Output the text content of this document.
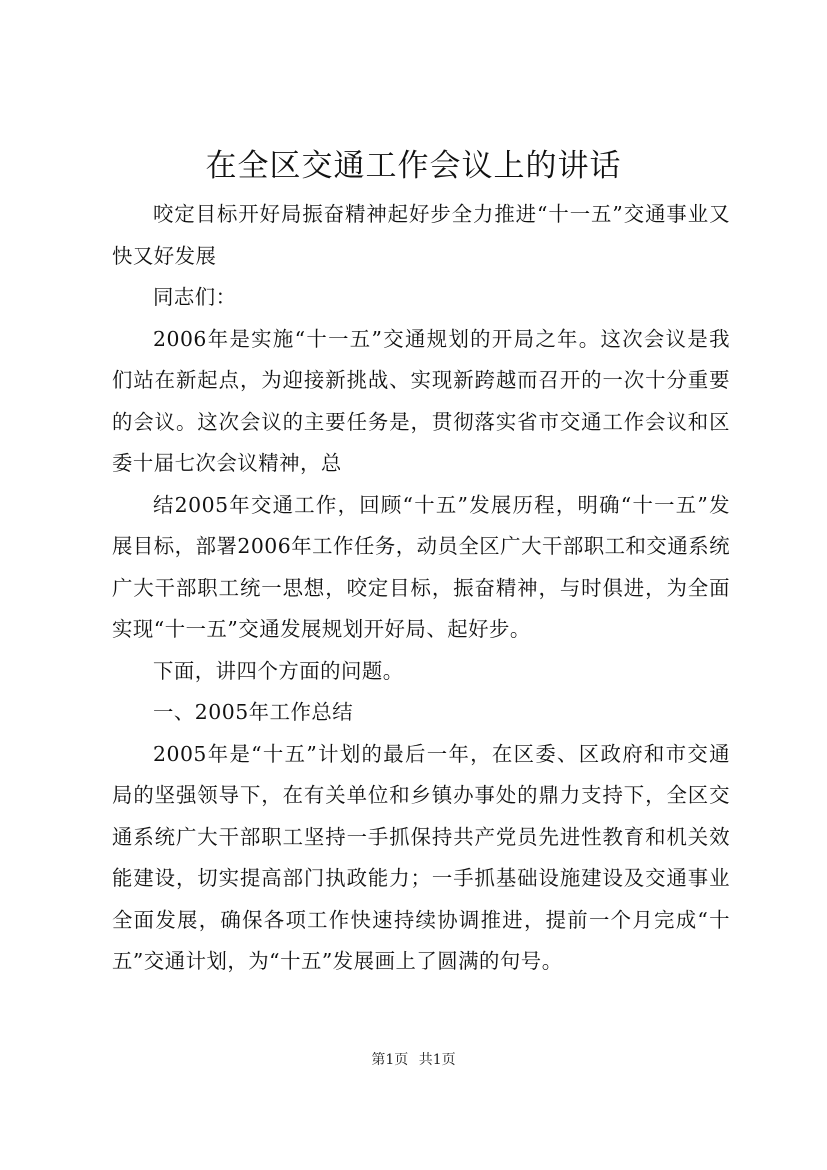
在全区交通工作会议上的讲话

咬定目标开好局振奋精神起好步全力推进“十一五”交通事业又快又好发展

同志们：

2006年是实施“十一五”交通规划的开局之年。这次会议是我们站在新起点，为迎接新挑战、实现新跨越而召开的一次十分重要的会议。这次会议的主要任务是，贯彻落实省市交通工作会议和区委十届七次会议精神，总

结2005年交通工作，回顾“十五”发展历程，明确“十一五”发展目标，部署2006年工作任务，动员全区广大干部职工和交通系统广大干部职工统一思想，咬定目标，振奋精神，与时俱进，为全面实现“十一五”交通发展规划开好局、起好步。

下面，讲四个方面的问题。

一、2005年工作总结

2005年是“十五”计划的最后一年，在区委、区政府和市交通局的坚强领导下，在有关单位和乡镇办事处的鼎力支持下，全区交通系统广大干部职工坚持一手抓保持共产党员先进性教育和机关效能建设，切实提高部门执政能力；一手抓基础设施建设及交通事业全面发展，确保各项工作快速持续协调推进，提前一个月完成“十五”交通计划，为“十五”发展画上了圆满的句号。

第1页 共1页
